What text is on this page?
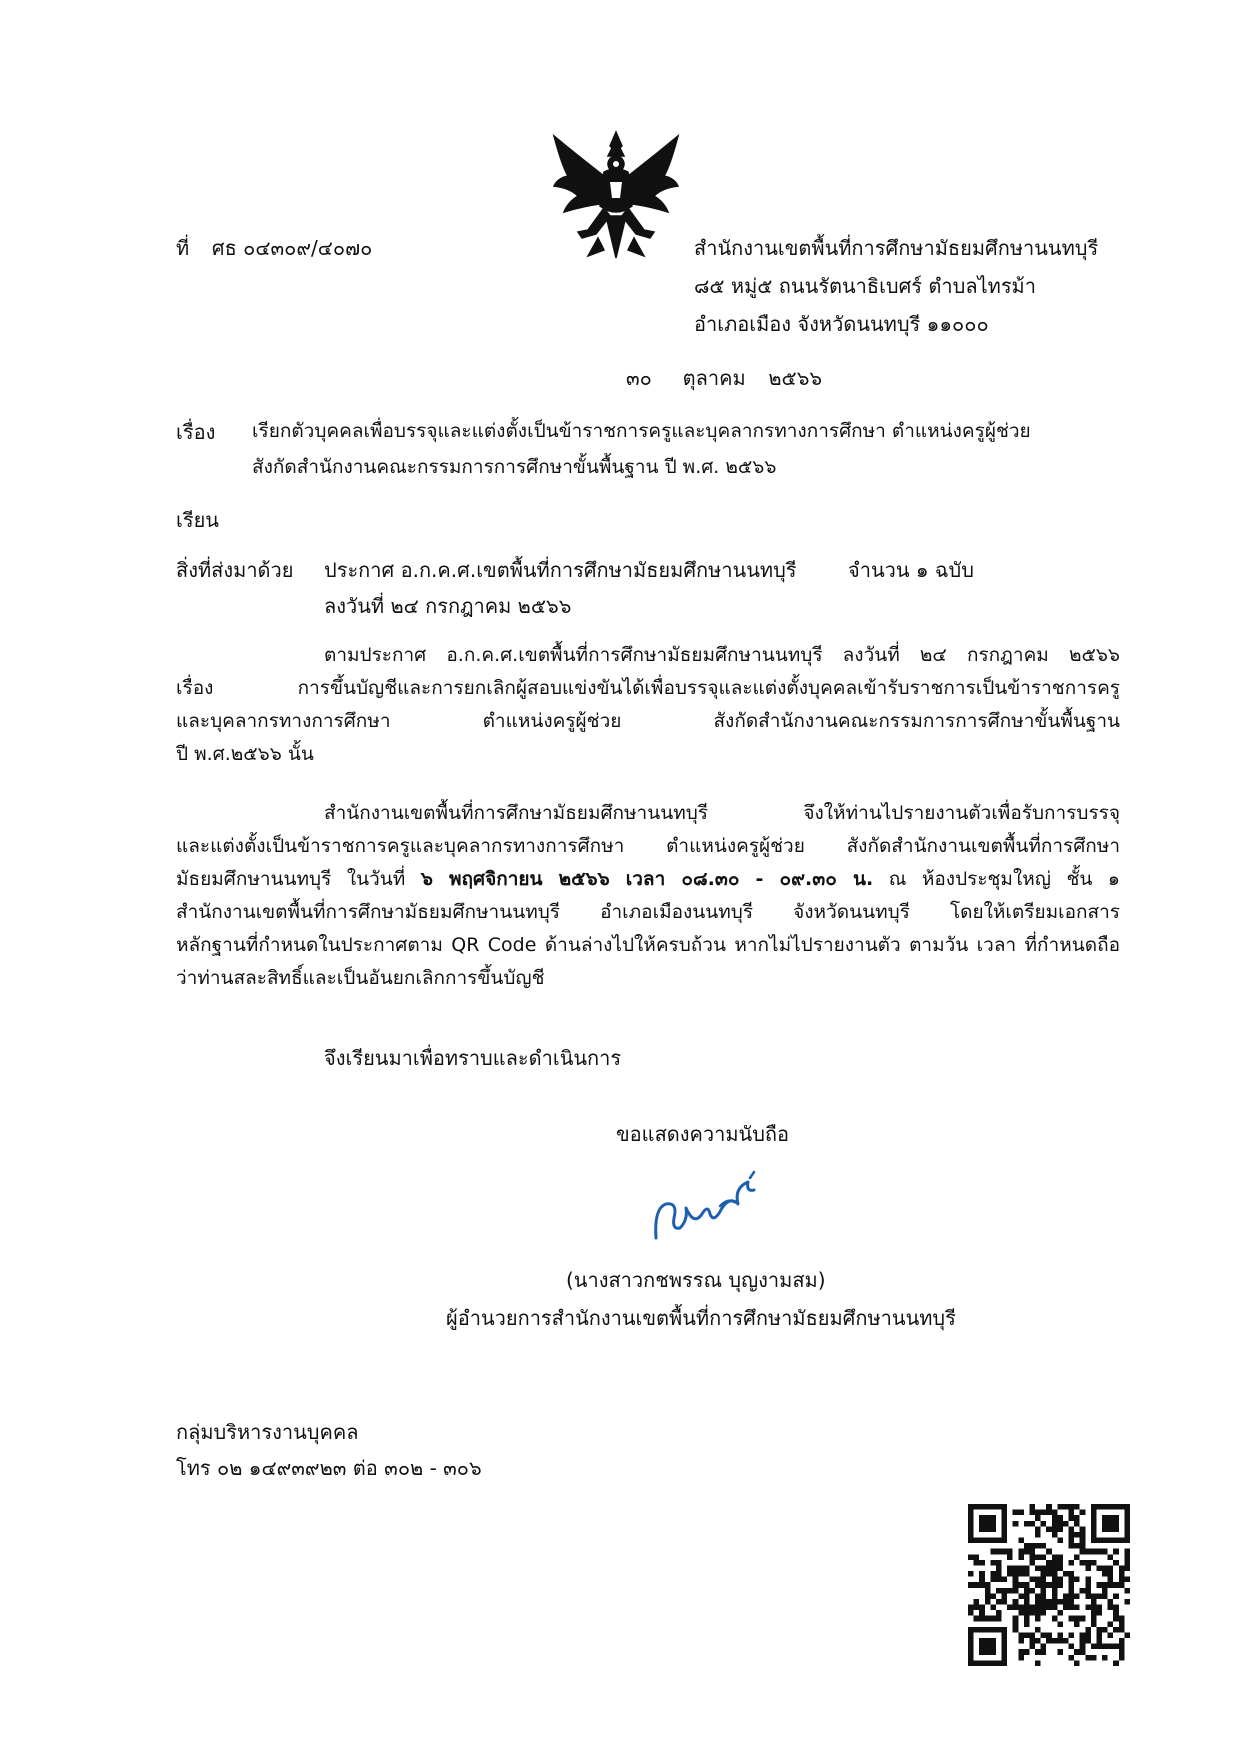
ที่ ศธ ๐๔๓๐๙/๔๐๗๐	สำนักงานเขตพื้นที่การศึกษามัธยมศึกษานนทบุรี
๘๕ หมู่๕ ถนนรัตนาธิเบศร์ ตำบลไทรม้า
อำเภอเมือง จังหวัดนนทบุรี ๑๑๐๐๐
๓๐ ตุลาคม ๒๕๖๖
เรื่อง เรียกตัวบุคคลเพื่อบรรจุและแต่งตั้งเป็นข้าราชการครูและบุคลากรทางการศึกษา ตำแหน่งครูผู้ช่วย
สังกัดสำนักงานคณะกรรมการการศึกษาขั้นพื้นฐาน ปี พ.ศ. ๒๕๖๖
เรียน
สิ่งที่ส่งมาด้วย ประกาศ อ.ก.ค.ศ.เขตพื้นที่การศึกษามัธยมศึกษานนทบุรี	จำนวน ๑ ฉบับ
ลงวันที่ ๒๔ กรกฎาคม ๒๕๖๖
ตามประกาศ อ.ก.ค.ศ.เขตพื้นที่การศึกษามัธยมศึกษานนทบุรี ลงวันที่ ๒๔ กรกฎาคม ๒๕๖๖
เรื่อง การขึ้นบัญชีและการยกเลิกผู้สอบแข่งขันได้เพื่อบรรจุและแต่งตั้งบุคคลเข้ารับราชการเป็นข้าราชการครู
และบุคลากรทางการศึกษา ตำแหน่งครูผู้ช่วย สังกัดสำนักงานคณะกรรมการการศึกษาขั้นพื้นฐาน
ปี พ.ศ.๒๕๖๖ นั้น
สำนักงานเขตพื้นที่การศึกษามัธยมศึกษานนทบุรี จึงให้ท่านไปรายงานตัวเพื่อรับการบรรจุ
และแต่งตั้งเป็นข้าราชการครูและบุคลากรทางการศึกษา ตำแหน่งครูผู้ช่วย สังกัดสำนักงานเขตพื้นที่การศึกษา
มัธยมศึกษานนทบุรี ในวันที่ ๖ พฤศจิกายน ๒๕๖๖ เวลา ๐๘.๓๐ - ๐๙.๓๐ น. ณ ห้องประชุมใหญ่ ชั้น ๑
สำนักงานเขตพื้นที่การศึกษามัธยมศึกษานนทบุรี อำเภอเมืองนนทบุรี จังหวัดนนทบุรี โดยให้เตรียมเอกสาร
หลักฐานที่กำหนดในประกาศตาม QR Code ด้านล่างไปให้ครบถ้วน หากไม่ไปรายงานตัว ตามวัน เวลา ที่กำหนดถือ
ว่าท่านสละสิทธิ์และเป็นอันยกเลิกการขึ้นบัญชี
จึงเรียนมาเพื่อทราบและดำเนินการ
ขอแสดงความนับถือ
(นางสาวกชพรรณ บุญงามสม)
ผู้อำนวยการสำนักงานเขตพื้นที่การศึกษามัธยมศึกษานนทบุรี
กลุ่มบริหารงานบุคคล
โทร ๐๒ ๑๔๙๓๙๒๓ ต่อ ๓๐๒ - ๓๐๖
